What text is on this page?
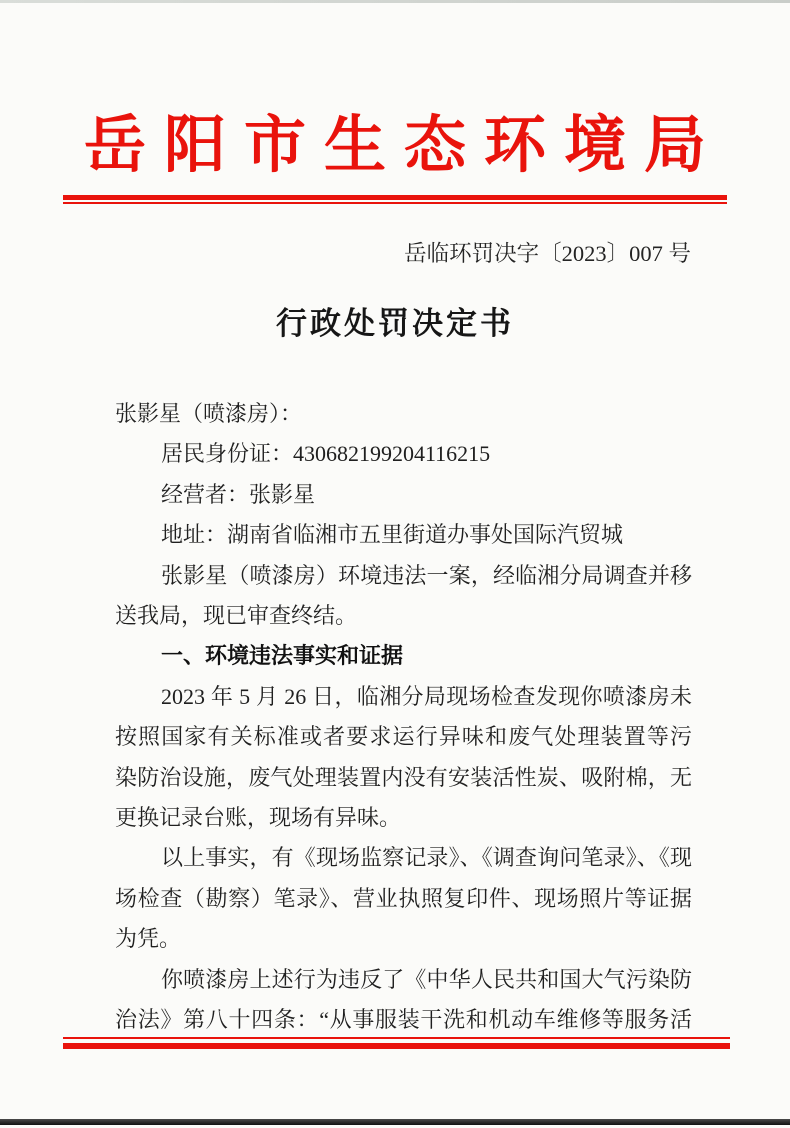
岳阳市生态环境局
岳临环罚决字〔2023〕007 号
行政处罚决定书
张影星（喷漆房）：
居民身份证：430682199204116215
经营者：张影星
地址：湖南省临湘市五里街道办事处国际汽贸城
张影星（喷漆房）环境违法一案，经临湘分局调查并移
送我局，现已审查终结。
一、环境违法事实和证据
2023 年 5 月 26 日，临湘分局现场检查发现你喷漆房未
按照国家有关标准或者要求运行异味和废气处理装置等污
染防治设施，废气处理装置内没有安装活性炭、吸附棉，无
更换记录台账，现场有异味。
以上事实，有《现场监察记录》、《调查询问笔录》、《现
场检查（勘察）笔录》、营业执照复印件、现场照片等证据
为凭。
你喷漆房上述行为违反了《中华人民共和国大气污染防
治法》第八十四条：“从事服装干洗和机动车维修等服务活
